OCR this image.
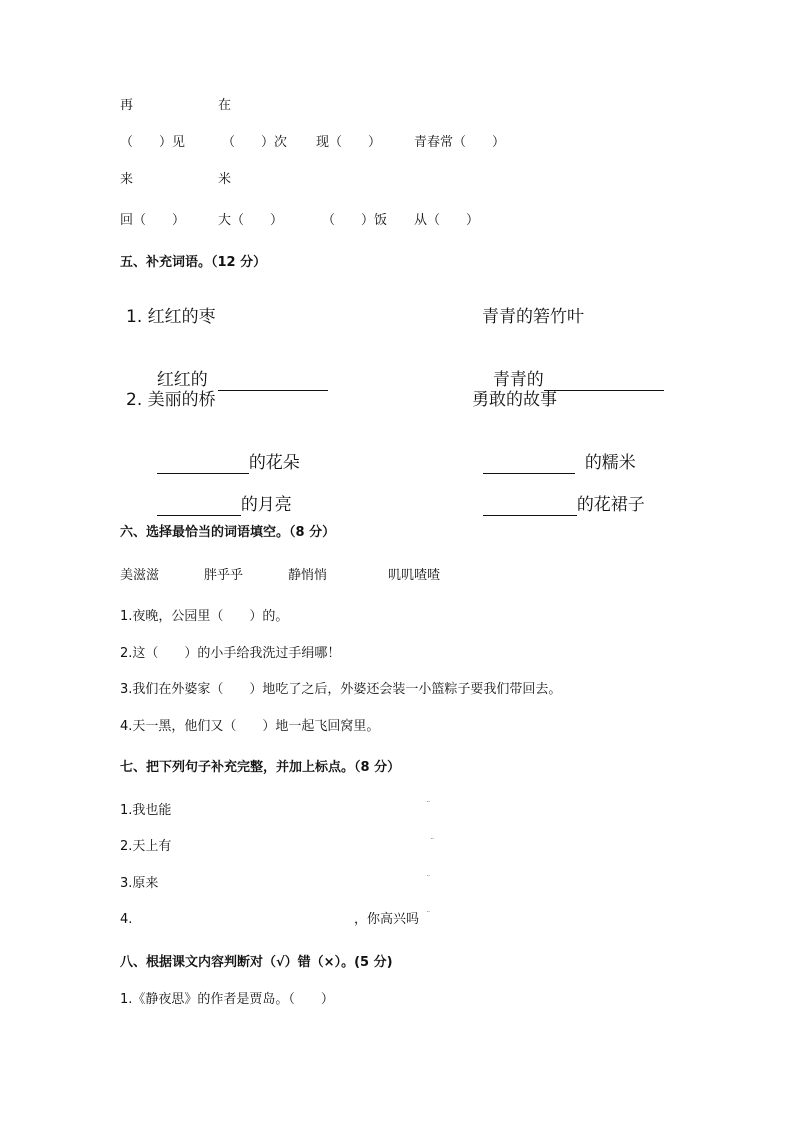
再	在
（　　）见	（　　）次 现（　　）	青春常（　　）
来	米
回（　　）	大（　　）	（　　）饭 从（　　）
五、补充词语。（12 分）
1. 红红的枣	青青的箬竹叶

红红的	青青的

2. 美丽的桥	勇敢的故事

的花朵	的糯米

的月亮	的花裙子

六、选择最恰当的词语填空。（8 分）
美滋滋	胖乎乎	静悄悄	叽叽喳喳
1.夜晚，公园里（　　）的。
2.这（　　）的小手给我洗过手绢哪！
3.我们在外婆家（　　）地吃了之后，外婆还会装一小篮粽子要我们带回去。
4.天一黑，他们又（　　）地一起飞回窝里。
七、把下列句子补充完整，并加上标点。（8 分）
1.我也能	¨
2.天上有	¨
3.原来	¨
4.	，你高兴吗 ¨
八、根据课文内容判断对（√）错（×）。(5 分)
1.《静夜思》的作者是贾岛。（　　）
